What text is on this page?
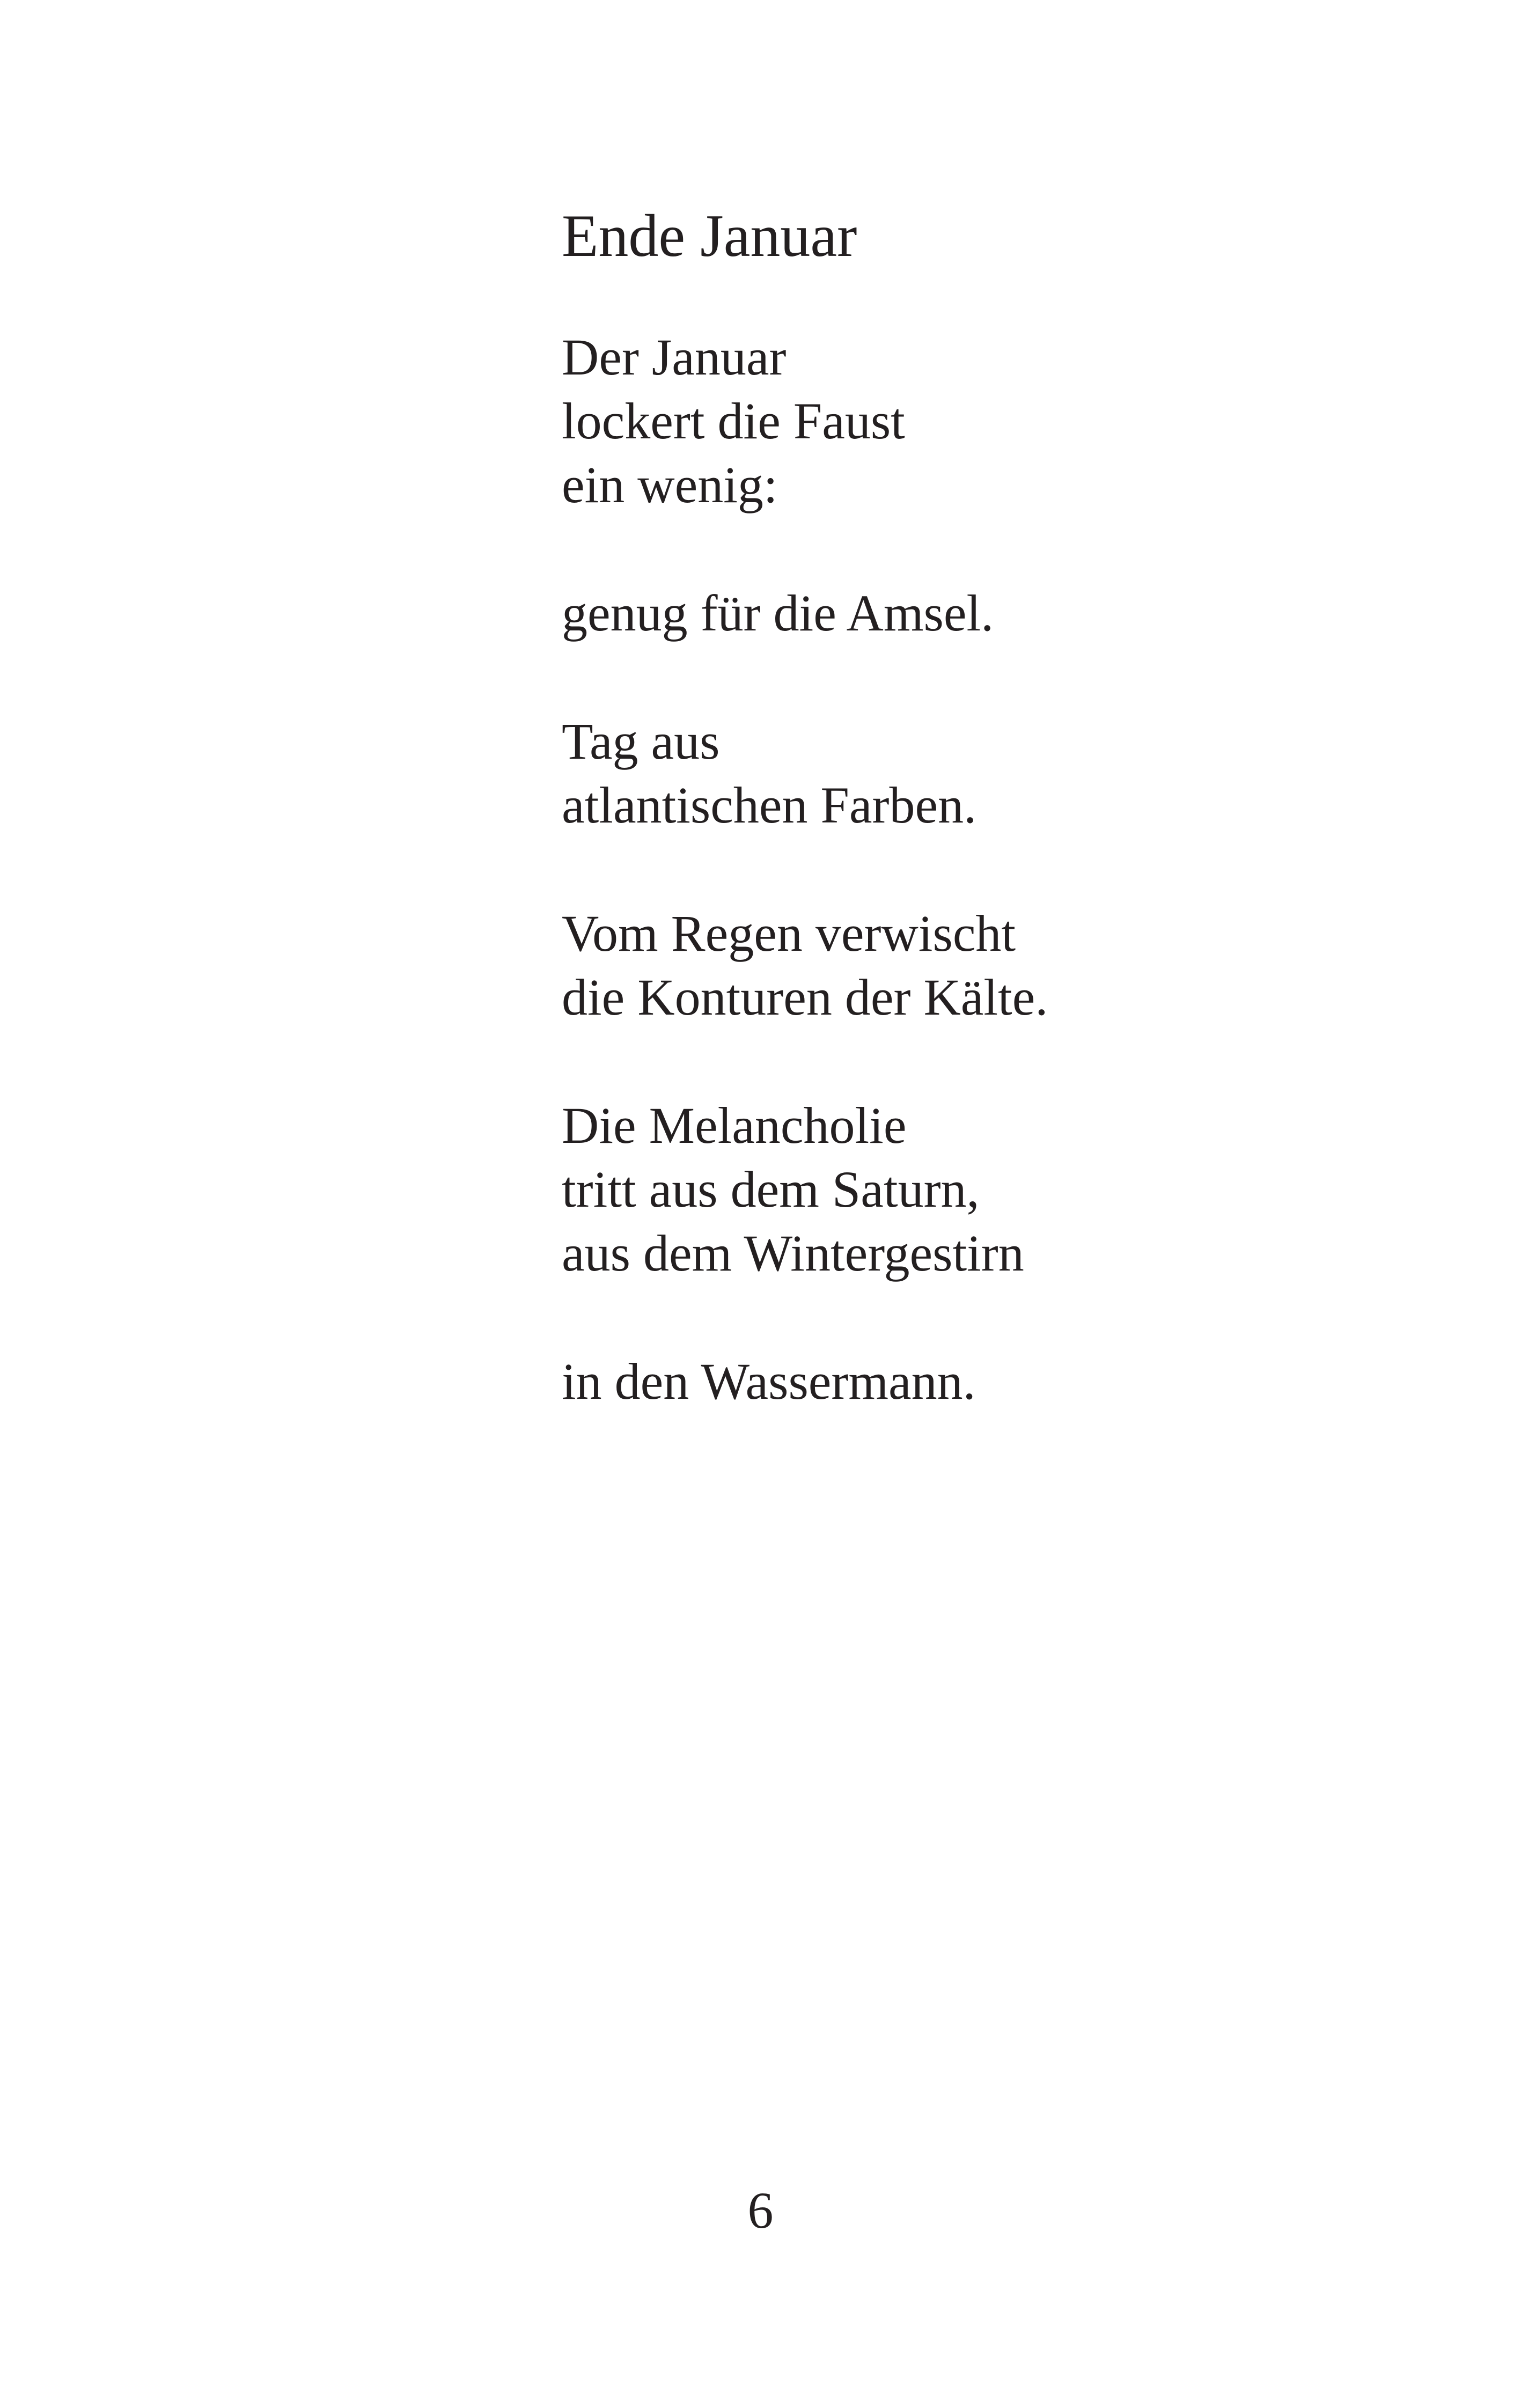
Ende Januar
Der Januar
lockert die Faust
ein wenig:
genug für die Amsel.
Tag aus
atlantischen Farben.
Vom Regen verwischt
die Konturen der Kälte.
Die Melancholie
tritt aus dem Saturn,
aus dem Wintergestirn
in den Wassermann.
6
